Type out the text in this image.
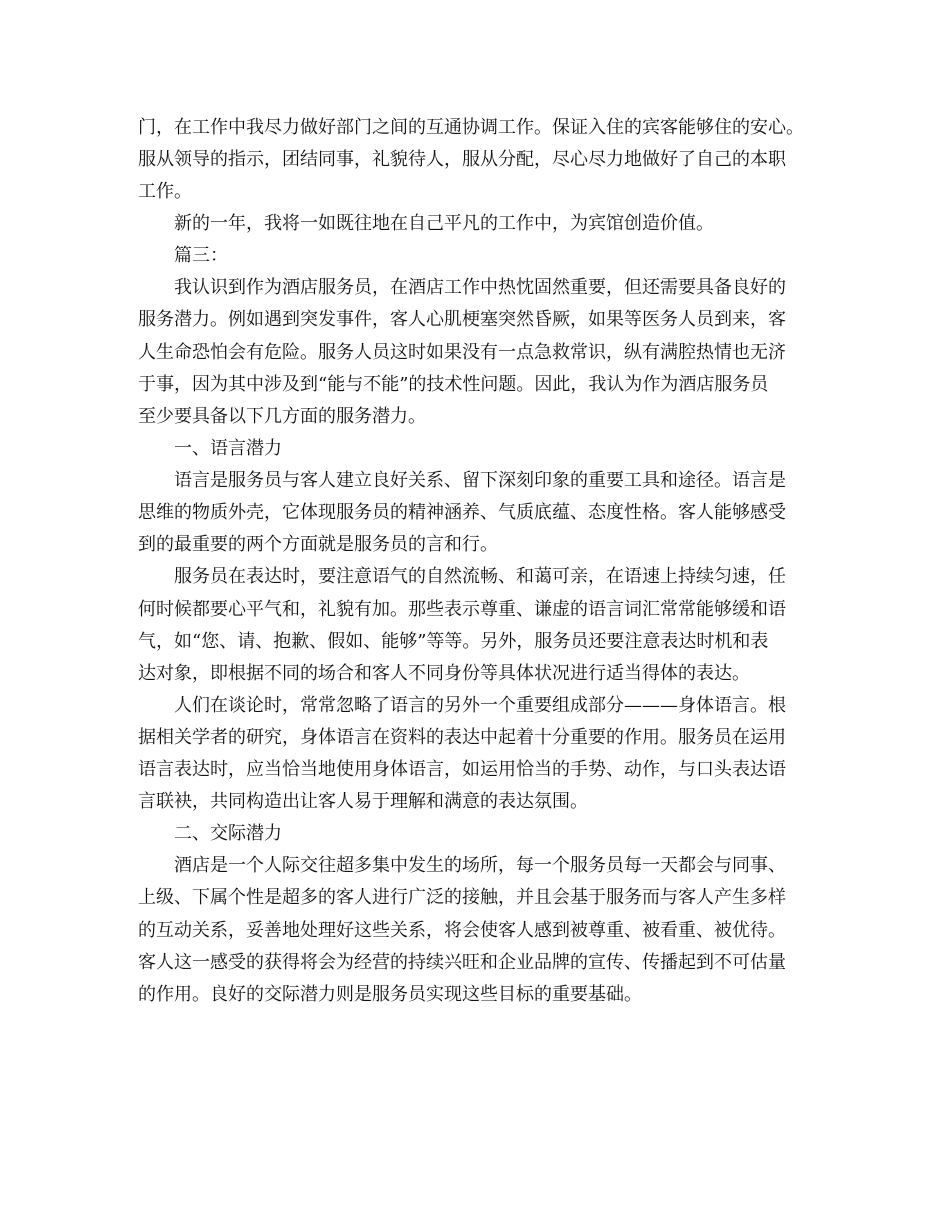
门，在工作中我尽力做好部门之间的互通协调工作。保证入住的宾客能够住的安心。
服从领导的指示，团结同事，礼貌待人，服从分配，尽心尽力地做好了自己的本职
工作。
新的一年，我将一如既往地在自己平凡的工作中，为宾馆创造价值。
篇三：
我认识到作为酒店服务员，在酒店工作中热忱固然重要，但还需要具备良好的
服务潜力。例如遇到突发事件，客人心肌梗塞突然昏厥，如果等医务人员到来，客
人生命恐怕会有危险。服务人员这时如果没有一点急救常识，纵有满腔热情也无济
于事，因为其中涉及到“能与不能”的技术性问题。因此，我认为作为酒店服务员
至少要具备以下几方面的服务潜力。
一、语言潜力
语言是服务员与客人建立良好关系、留下深刻印象的重要工具和途径。语言是
思维的物质外壳，它体现服务员的精神涵养、气质底蕴、态度性格。客人能够感受
到的最重要的两个方面就是服务员的言和行。
服务员在表达时，要注意语气的自然流畅、和蔼可亲，在语速上持续匀速，任
何时候都要心平气和，礼貌有加。那些表示尊重、谦虚的语言词汇常常能够缓和语
气，如“您、请、抱歉、假如、能够”等等。另外，服务员还要注意表达时机和表
达对象，即根据不同的场合和客人不同身份等具体状况进行适当得体的表达。
人们在谈论时，常常忽略了语言的另外一个重要组成部分———身体语言。根
据相关学者的研究，身体语言在资料的表达中起着十分重要的作用。服务员在运用
语言表达时，应当恰当地使用身体语言，如运用恰当的手势、动作，与口头表达语
言联袂，共同构造出让客人易于理解和满意的表达氛围。
二、交际潜力
酒店是一个人际交往超多集中发生的场所，每一个服务员每一天都会与同事、
上级、下属个性是超多的客人进行广泛的接触，并且会基于服务而与客人产生多样
的互动关系，妥善地处理好这些关系，将会使客人感到被尊重、被看重、被优待。
客人这一感受的获得将会为经营的持续兴旺和企业品牌的宣传、传播起到不可估量
的作用。良好的交际潜力则是服务员实现这些目标的重要基础。
